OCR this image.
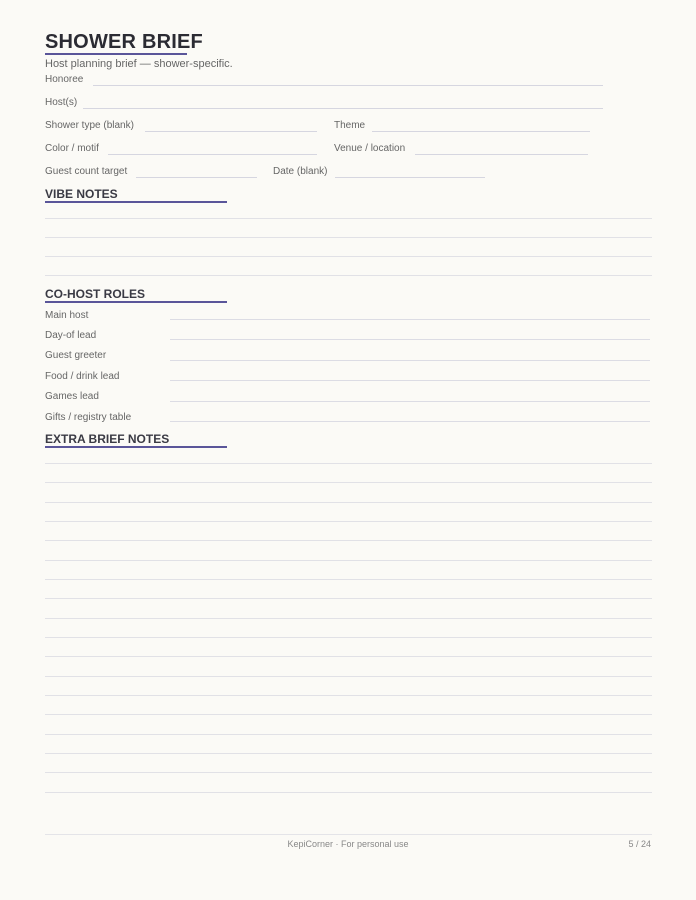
SHOWER BRIEF
Host planning brief — shower-specific.
Honoree
Host(s)
Shower type (blank)	Theme
Color / motif	Venue / location
Guest count target	Date (blank)
VIBE NOTES
CO-HOST ROLES
Main host
Day-of lead
Guest greeter
Food / drink lead
Games lead
Gifts / registry table
EXTRA BRIEF NOTES
KepiCorner · For personal use	5 / 24
